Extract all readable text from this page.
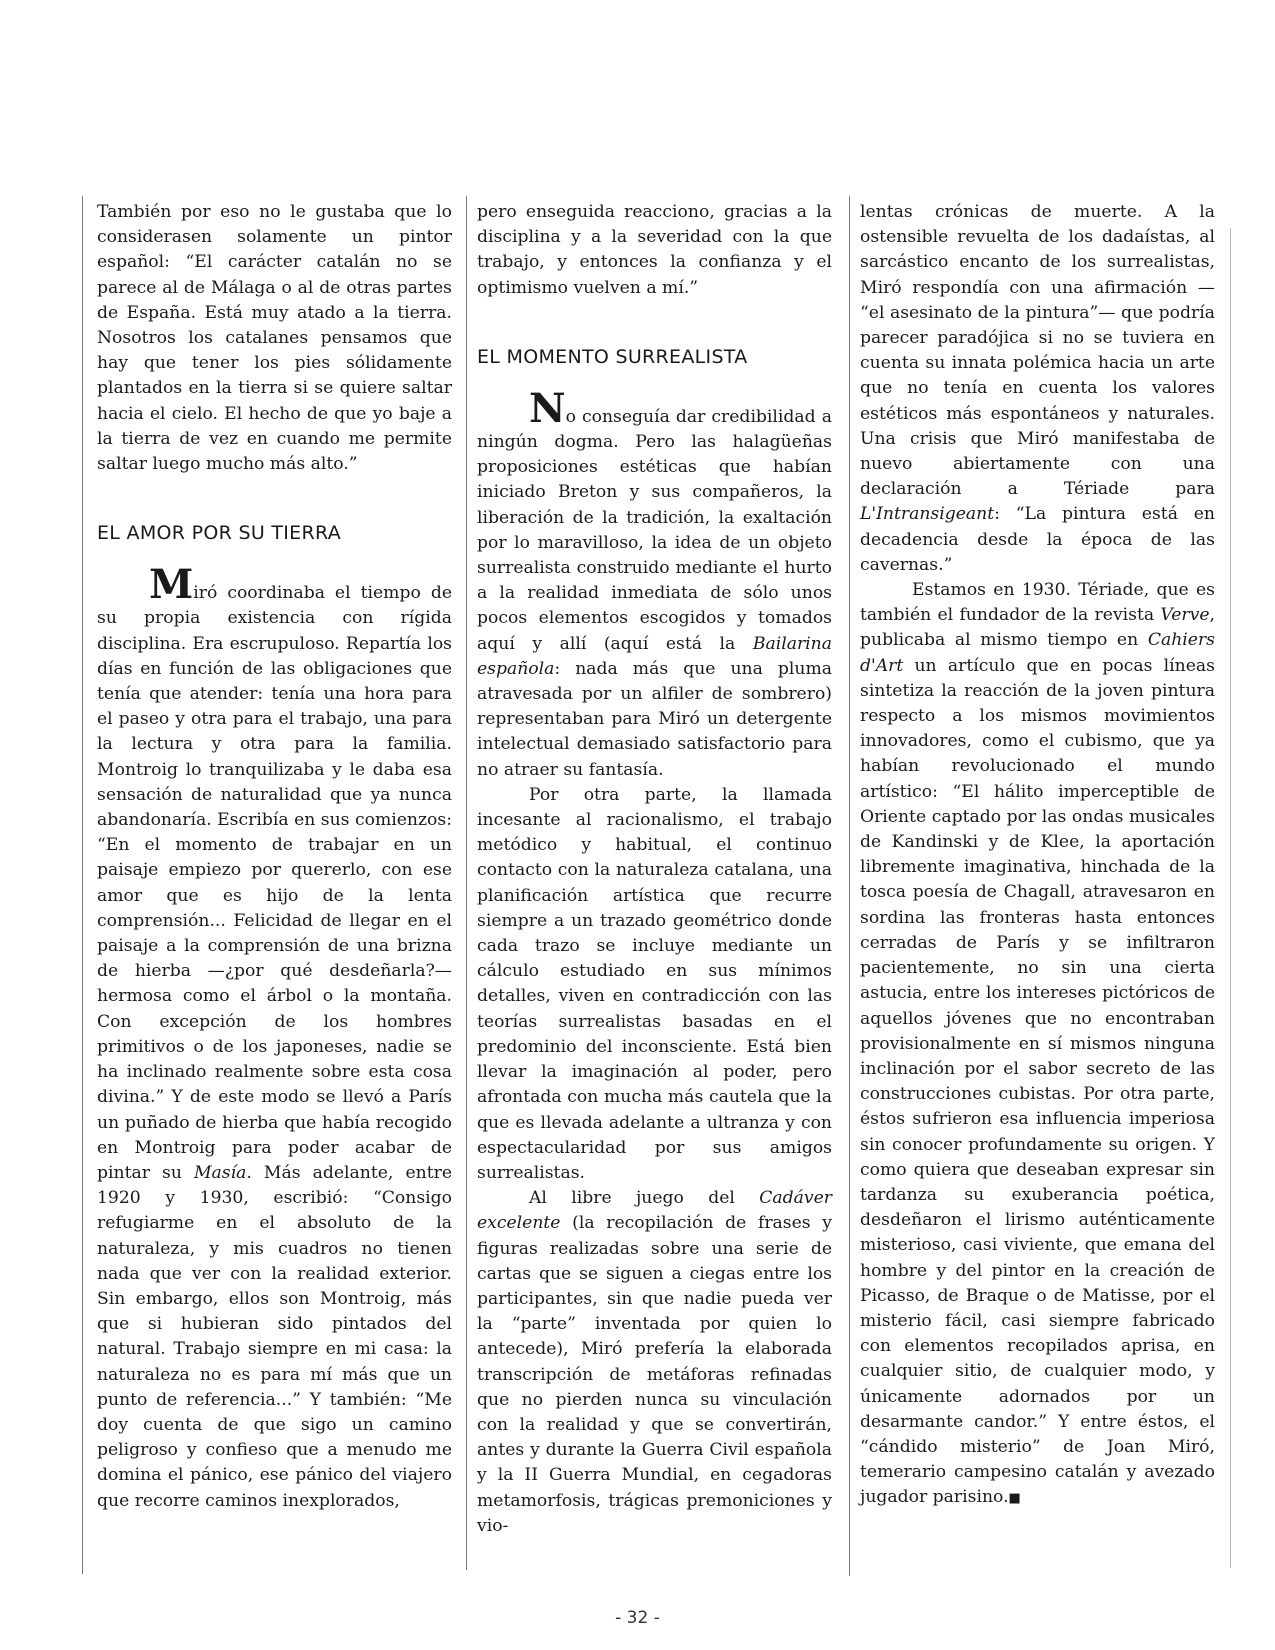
También por eso no le gustaba que lo considerasen solamente un pintor español: “El carácter catalán no se parece al de Málaga o al de otras partes de España. Está muy atado a la tierra. Nosotros los catalanes pensamos que hay que tener los pies sólidamente plantados en la tierra si se quiere saltar hacia el cielo. El hecho de que yo baje a la tierra de vez en cuando me permite saltar luego mucho más alto.”

EL AMOR POR SU TIERRA

Miró coordinaba el tiempo de su propia existencia con rígida disciplina. Era escrupuloso. Repartía los días en función de las obligaciones que tenía que atender: tenía una hora para el paseo y otra para el trabajo, una para la lectura y otra para la familia. Montroig lo tranquilizaba y le daba esa sensación de naturalidad que ya nunca abandonaría. Escribía en sus comienzos: “En el momento de trabajar en un paisaje empiezo por quererlo, con ese amor que es hijo de la lenta comprensión... Felicidad de llegar en el paisaje a la comprensión de una brizna de hierba —¿por qué desdeñarla?— hermosa como el árbol o la montaña. Con excepción de los hombres primitivos o de los japoneses, nadie se ha inclinado realmente sobre esta cosa divina.” Y de este modo se llevó a París un puñado de hierba que había recogido en Montroig para poder acabar de pintar su Masía. Más adelante, entre 1920 y 1930, escribió: “Consigo refugiarme en el absoluto de la naturaleza, y mis cuadros no tienen nada que ver con la realidad exterior. Sin embargo, ellos son Montroig, más que si hubieran sido pintados del natural. Trabajo siempre en mi casa: la naturaleza no es para mí más que un punto de referencia...” Y también: “Me doy cuenta de que sigo un camino peligroso y confieso que a menudo me domina el pánico, ese pánico del viajero que recorre caminos inexplorados,

pero enseguida reacciono, gracias a la disciplina y a la severidad con la que trabajo, y entonces la confianza y el optimismo vuelven a mí.”

EL MOMENTO SURREALISTA

No conseguía dar credibilidad a ningún dogma. Pero las halagüeñas proposiciones estéticas que habían iniciado Breton y sus compañeros, la liberación de la tradición, la exaltación por lo maravilloso, la idea de un objeto surrealista construido mediante el hurto a la realidad inmediata de sólo unos pocos elementos escogidos y tomados aquí y allí (aquí está la Bailarina española: nada más que una pluma atravesada por un alfiler de sombrero) representaban para Miró un detergente intelectual demasiado satisfactorio para no atraer su fantasía.

Por otra parte, la llamada incesante al racionalismo, el trabajo metódico y habitual, el continuo contacto con la naturaleza catalana, una planificación artística que recurre siempre a un trazado geométrico donde cada trazo se incluye mediante un cálculo estudiado en sus mínimos detalles, viven en contradicción con las teorías surrealistas basadas en el predominio del inconsciente. Está bien llevar la imaginación al poder, pero afrontada con mucha más cautela que la que es llevada adelante a ultranza y con espectacularidad por sus amigos surrealistas.

Al libre juego del Cadáver excelente (la recopilación de frases y figuras realizadas sobre una serie de cartas que se siguen a ciegas entre los participantes, sin que nadie pueda ver la “parte” inventada por quien lo antecede), Miró prefería la elaborada transcripción de metáforas refinadas que no pierden nunca su vinculación con la realidad y que se convertirán, antes y durante la Guerra Civil española y la II Guerra Mundial, en cegadoras metamorfosis, trágicas premoniciones y vio-

lentas crónicas de muerte. A la ostensible revuelta de los dadaístas, al sarcástico encanto de los surrealistas, Miró respondía con una afirmación — “el asesinato de la pintura”— que podría parecer paradójica si no se tuviera en cuenta su innata polémica hacia un arte que no tenía en cuenta los valores estéticos más espontáneos y naturales. Una crisis que Miró manifestaba de nuevo abiertamente con una declaración a Tériade para L'Intransigeant: “La pintura está en decadencia desde la época de las cavernas.”

Estamos en 1930. Tériade, que es también el fundador de la revista Verve, publicaba al mismo tiempo en Cahiers d'Art un artículo que en pocas líneas sintetiza la reacción de la joven pintura respecto a los mismos movimientos innovadores, como el cubismo, que ya habían revolucionado el mundo artístico: “El hálito imperceptible de Oriente captado por las ondas musicales de Kandinski y de Klee, la aportación libremente imaginativa, hinchada de la tosca poesía de Chagall, atravesaron en sordina las fronteras hasta entonces cerradas de París y se infiltraron pacientemente, no sin una cierta astucia, entre los intereses pictóricos de aquellos jóvenes que no encontraban provisionalmente en sí mismos ninguna inclinación por el sabor secreto de las construcciones cubistas. Por otra parte, éstos sufrieron esa influencia imperiosa sin conocer profundamente su origen. Y como quiera que deseaban expresar sin tardanza su exuberancia poética, desdeñaron el lirismo auténticamente misterioso, casi viviente, que emana del hombre y del pintor en la creación de Picasso, de Braque o de Matisse, por el misterio fácil, casi siempre fabricado con elementos recopilados aprisa, en cualquier sitio, de cualquier modo, y únicamente adornados por un desarmante candor.” Y entre éstos, el “cándido misterio” de Joan Miró, temerario campesino catalán y avezado jugador parisino.■

- 32 -
